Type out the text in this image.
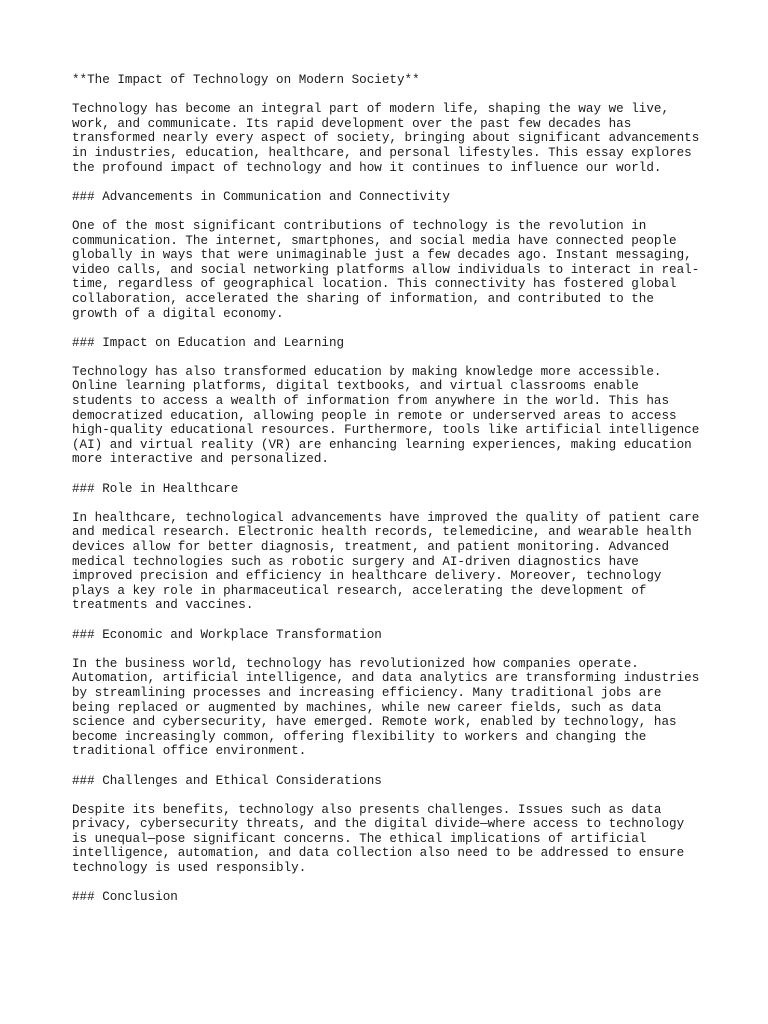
**The Impact of Technology on Modern Society**
Technology has become an integral part of modern life, shaping the way we live,
work, and communicate. Its rapid development over the past few decades has
transformed nearly every aspect of society, bringing about significant advancements
in industries, education, healthcare, and personal lifestyles. This essay explores
the profound impact of technology and how it continues to influence our world.
### Advancements in Communication and Connectivity
One of the most significant contributions of technology is the revolution in
communication. The internet, smartphones, and social media have connected people
globally in ways that were unimaginable just a few decades ago. Instant messaging,
video calls, and social networking platforms allow individuals to interact in real-
time, regardless of geographical location. This connectivity has fostered global
collaboration, accelerated the sharing of information, and contributed to the
growth of a digital economy.
### Impact on Education and Learning
Technology has also transformed education by making knowledge more accessible.
Online learning platforms, digital textbooks, and virtual classrooms enable
students to access a wealth of information from anywhere in the world. This has
democratized education, allowing people in remote or underserved areas to access
high-quality educational resources. Furthermore, tools like artificial intelligence
(AI) and virtual reality (VR) are enhancing learning experiences, making education
more interactive and personalized.
### Role in Healthcare
In healthcare, technological advancements have improved the quality of patient care
and medical research. Electronic health records, telemedicine, and wearable health
devices allow for better diagnosis, treatment, and patient monitoring. Advanced
medical technologies such as robotic surgery and AI-driven diagnostics have
improved precision and efficiency in healthcare delivery. Moreover, technology
plays a key role in pharmaceutical research, accelerating the development of
treatments and vaccines.
### Economic and Workplace Transformation
In the business world, technology has revolutionized how companies operate.
Automation, artificial intelligence, and data analytics are transforming industries
by streamlining processes and increasing efficiency. Many traditional jobs are
being replaced or augmented by machines, while new career fields, such as data
science and cybersecurity, have emerged. Remote work, enabled by technology, has
become increasingly common, offering flexibility to workers and changing the
traditional office environment.
### Challenges and Ethical Considerations
Despite its benefits, technology also presents challenges. Issues such as data
privacy, cybersecurity threats, and the digital divide—where access to technology
is unequal—pose significant concerns. The ethical implications of artificial
intelligence, automation, and data collection also need to be addressed to ensure
technology is used responsibly.
### Conclusion
